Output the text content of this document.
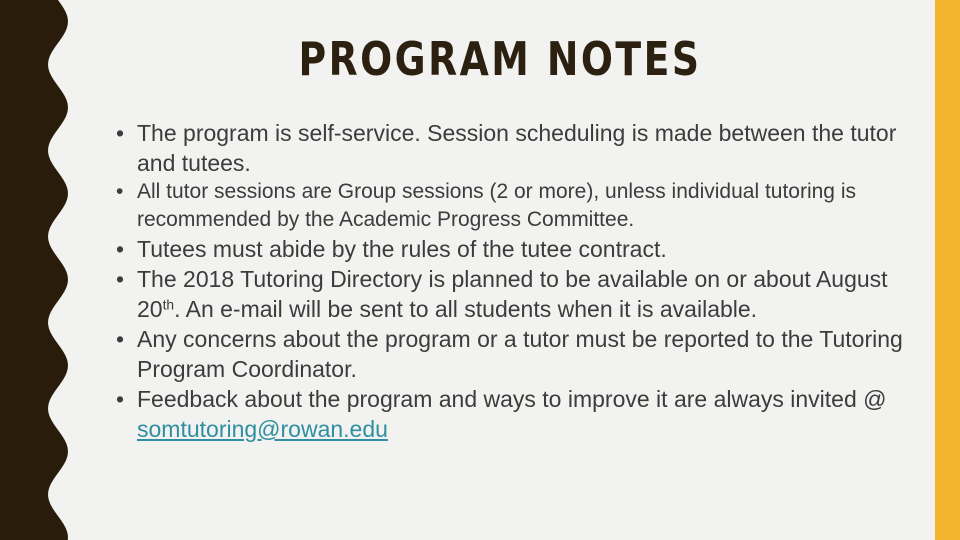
PROGRAM NOTES
• The program is self-service. Session scheduling is made between the tutor and tutees.
• All tutor sessions are Group sessions (2 or more), unless individual tutoring is recommended by the Academic Progress Committee.
• Tutees must abide by the rules of the tutee contract.
• The 2018 Tutoring Directory is planned to be available on or about August 20th. An e-mail will be sent to all students when it is available.
• Any concerns about the program or a tutor must be reported to the Tutoring Program Coordinator.
• Feedback about the program and ways to improve it are always invited @ somtutoring@rowan.edu
